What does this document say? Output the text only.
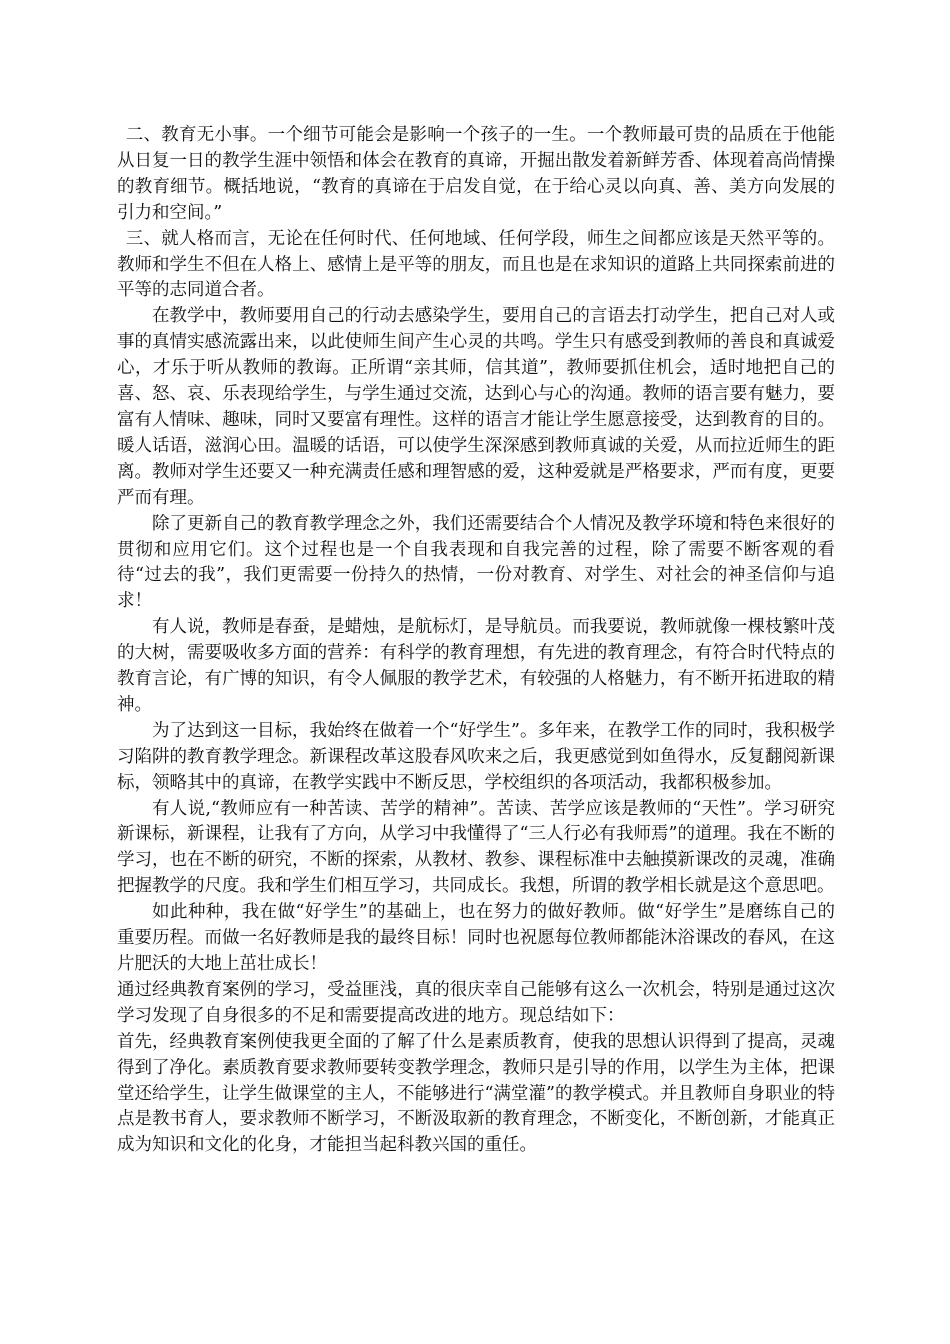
二、教育无小事。一个细节可能会是影响一个孩子的一生。一个教师最可贵的品质在于他能从日复一日的教学生涯中领悟和体会在教育的真谛，开掘出散发着新鲜芳香、体现着高尚情操的教育细节。概括地说，“教育的真谛在于启发自觉，在于给心灵以向真、善、美方向发展的引力和空间。”

三、就人格而言，无论在任何时代、任何地域、任何学段，师生之间都应该是天然平等的。教师和学生不但在人格上、感情上是平等的朋友，而且也是在求知识的道路上共同探索前进的平等的志同道合者。

在教学中，教师要用自己的行动去感染学生，要用自己的言语去打动学生，把自己对人或事的真情实感流露出来，以此使师生间产生心灵的共鸣。学生只有感受到教师的善良和真诚爱心，才乐于听从教师的教诲。正所谓“亲其师，信其道”，教师要抓住机会，适时地把自己的喜、怒、哀、乐表现给学生，与学生通过交流，达到心与心的沟通。教师的语言要有魅力，要富有人情味、趣味，同时又要富有理性。这样的语言才能让学生愿意接受，达到教育的目的。暖人话语，滋润心田。温暖的话语，可以使学生深深感到教师真诚的关爱，从而拉近师生的距离。教师对学生还要又一种充满责任感和理智感的爱，这种爱就是严格要求，严而有度，更要严而有理。

除了更新自己的教育教学理念之外，我们还需要结合个人情况及教学环境和特色来很好的贯彻和应用它们。这个过程也是一个自我表现和自我完善的过程，除了需要不断客观的看待“过去的我”，我们更需要一份持久的热情，一份对教育、对学生、对社会的神圣信仰与追求！

有人说，教师是春蚕，是蜡烛，是航标灯，是导航员。而我要说，教师就像一棵枝繁叶茂的大树，需要吸收多方面的营养：有科学的教育理想，有先进的教育理念，有符合时代特点的教育言论，有广博的知识，有令人佩服的教学艺术，有较强的人格魅力，有不断开拓进取的精神。

为了达到这一目标，我始终在做着一个“好学生”。多年来，在教学工作的同时，我积极学习陷阱的教育教学理念。新课程改革这股春风吹来之后，我更感觉到如鱼得水，反复翻阅新课标，领略其中的真谛，在教学实践中不断反思，学校组织的各项活动，我都积极参加。

有人说,“教师应有一种苦读、苦学的精神”。苦读、苦学应该是教师的“天性”。学习研究新课标，新课程，让我有了方向，从学习中我懂得了“三人行必有我师焉”的道理。我在不断的学习，也在不断的研究，不断的探索，从教材、教参、课程标准中去触摸新课改的灵魂，准确把握教学的尺度。我和学生们相互学习，共同成长。我想，所谓的教学相长就是这个意思吧。

如此种种，我在做“好学生”的基础上，也在努力的做好教师。做“好学生”是磨练自己的重要历程。而做一名好教师是我的最终目标！同时也祝愿每位教师都能沐浴课改的春风，在这片肥沃的大地上茁壮成长！

通过经典教育案例的学习，受益匪浅，真的很庆幸自己能够有这么一次机会，特别是通过这次学习发现了自身很多的不足和需要提高改进的地方。现总结如下：

首先，经典教育案例使我更全面的了解了什么是素质教育，使我的思想认识得到了提高，灵魂得到了净化。素质教育要求教师要转变教学理念，教师只是引导的作用，以学生为主体，把课堂还给学生，让学生做课堂的主人，不能够进行“满堂灌”的教学模式。并且教师自身职业的特点是教书育人，要求教师不断学习，不断汲取新的教育理念，不断变化，不断创新，才能真正成为知识和文化的化身，才能担当起科教兴国的重任。
